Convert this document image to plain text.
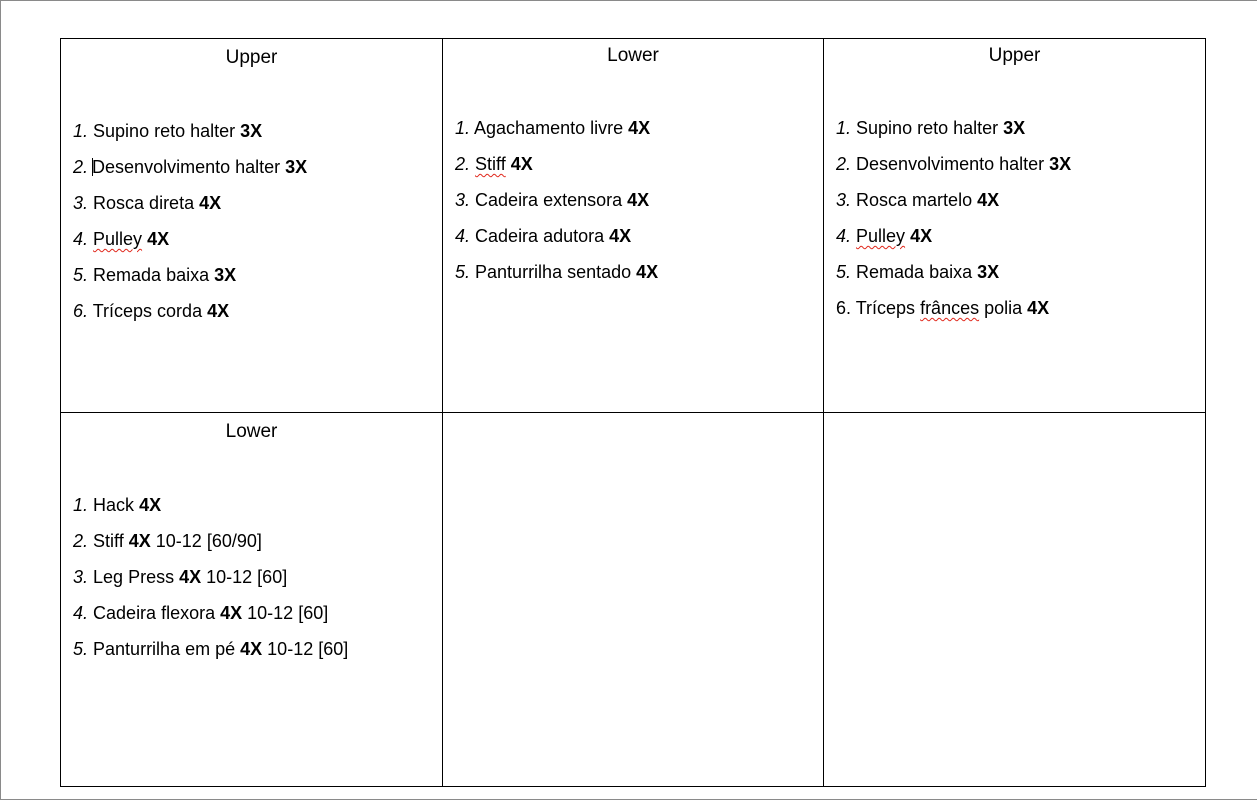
Upper
1. Supino reto halter 3X
2. Desenvolvimento halter 3X
3. Rosca direta 4X
4. Pulley 4X
5. Remada baixa 3X
6. Tríceps corda 4X
Lower
1. Agachamento livre 4X
2. Stiff 4X
3. Cadeira extensora 4X
4. Cadeira adutora 4X
5. Panturrilha sentado 4X
Upper
1. Supino reto halter 3X
2. Desenvolvimento halter 3X
3. Rosca martelo 4X
4. Pulley 4X
5. Remada baixa 3X
6. Tríceps frânces polia 4X
Lower
1. Hack 4X
2. Stiff 4X 10-12 [60/90]
3. Leg Press 4X 10-12 [60]
4. Cadeira flexora 4X 10-12 [60]
5. Panturrilha em pé 4X 10-12 [60]
